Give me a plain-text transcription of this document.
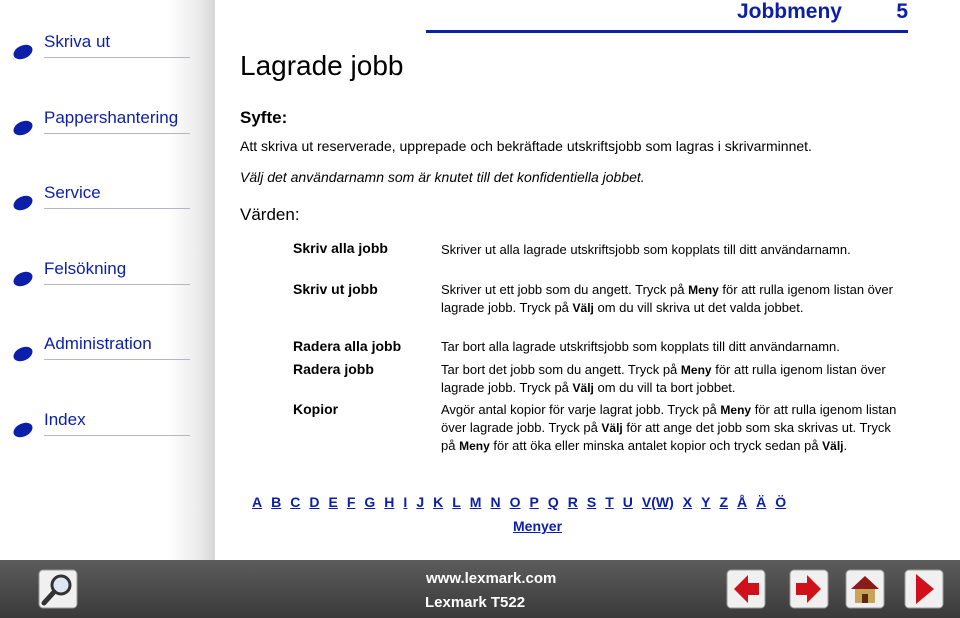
Skriva ut
Pappershantering
Service
Felsökning
Administration
Index
Jobbmeny	5
Lagrade jobb
Syfte:
Att skriva ut reserverade, upprepade och bekräftade utskriftsjobb som lagras i skrivarminnet.
Välj det användarnamn som är knutet till det konfidentiella jobbet.
Värden:
Skriv alla jobb	Skriver ut alla lagrade utskriftsjobb som kopplats till ditt användarnamn.
Skriv ut jobb	Skriver ut ett jobb som du angett. Tryck på Meny för att rulla igenom listan över lagrade jobb. Tryck på Välj om du vill skriva ut det valda jobbet.
Radera alla jobb	Tar bort alla lagrade utskriftsjobb som kopplats till ditt användarnamn.
Radera jobb	Tar bort det jobb som du angett. Tryck på Meny för att rulla igenom listan över lagrade jobb. Tryck på Välj om du vill ta bort jobbet.
Kopior	Avgör antal kopior för varje lagrat jobb. Tryck på Meny för att rulla igenom listan över lagrade jobb. Tryck på Välj för att ange det jobb som ska skrivas ut. Tryck på Meny för att öka eller minska antalet kopior och tryck sedan på Välj.
A B C D E F G H I J K L M N O P Q R S T U V(W) X Y Z Å Ä Ö
Menyer
www.lexmark.com
Lexmark T522
